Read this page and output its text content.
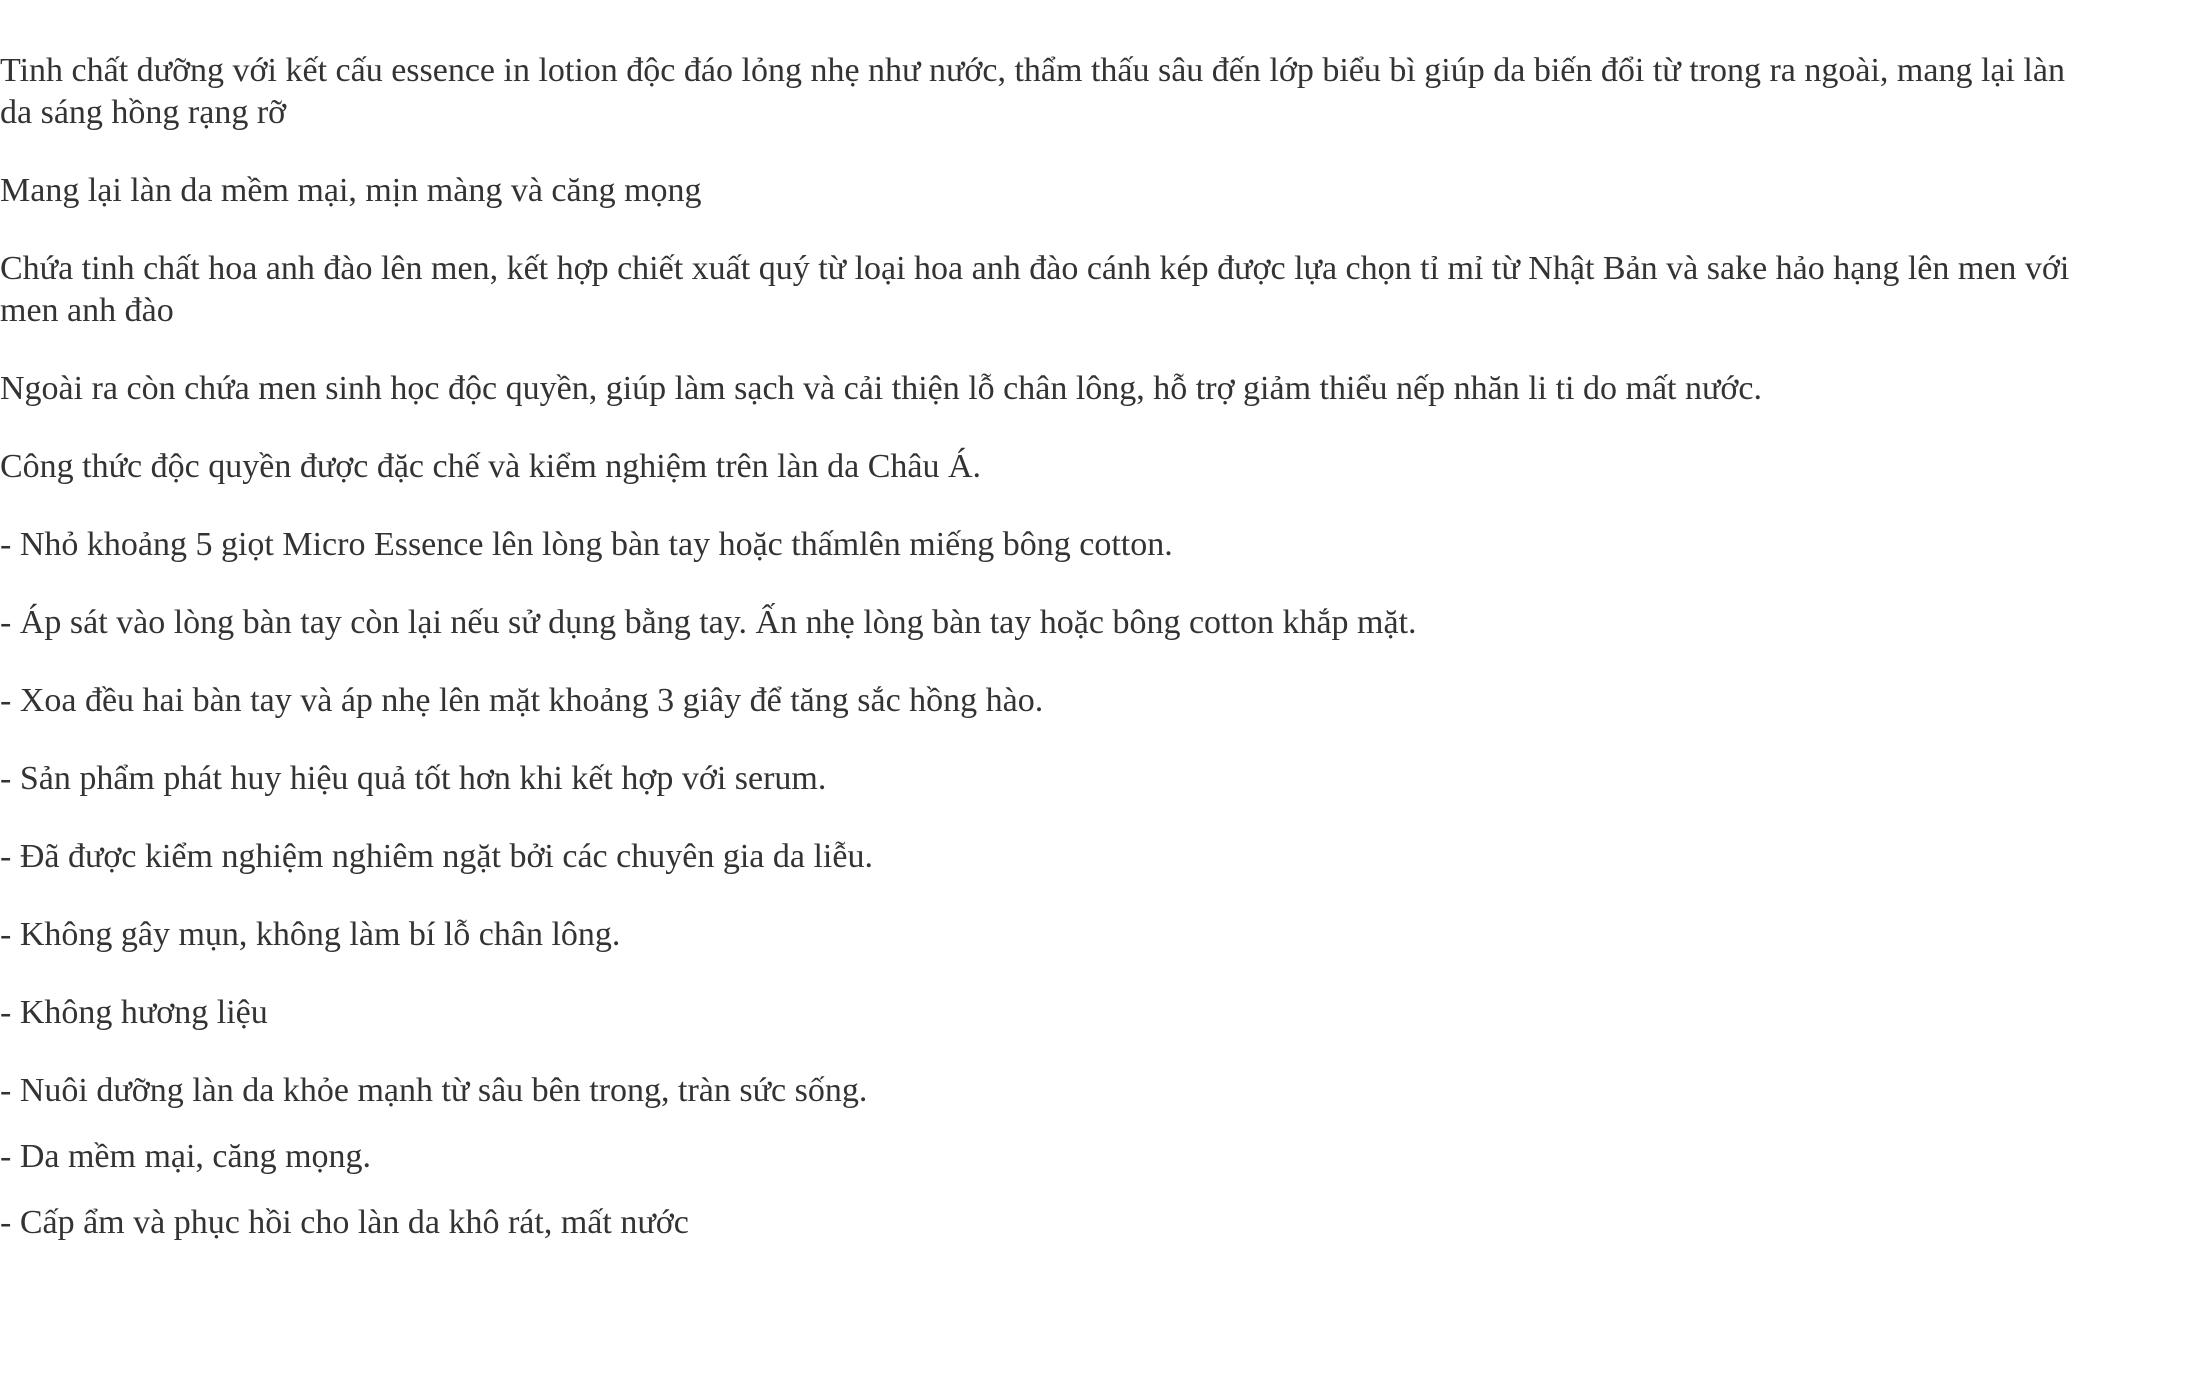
Tinh chất dưỡng với kết cấu essence in lotion độc đáo lỏng nhẹ như nước, thẩm thấu sâu đến lớp biểu bì giúp da biến đổi từ trong ra ngoài, mang lại làn da sáng hồng rạng rỡ

Mang lại làn da mềm mại, mịn màng và căng mọng

Chứa tinh chất hoa anh đào lên men, kết hợp chiết xuất quý từ loại hoa anh đào cánh kép được lựa chọn tỉ mỉ từ Nhật Bản và sake hảo hạng lên men với men anh đào

Ngoài ra còn chứa men sinh học độc quyền, giúp làm sạch và cải thiện lỗ chân lông, hỗ trợ giảm thiểu nếp nhăn li ti do mất nước.

Công thức độc quyền được đặc chế và kiểm nghiệm trên làn da Châu Á.

- Nhỏ khoảng 5 giọt Micro Essence lên lòng bàn tay hoặc thấmlên miếng bông cotton.

- Áp sát vào lòng bàn tay còn lại nếu sử dụng bằng tay. Ấn nhẹ lòng bàn tay hoặc bông cotton khắp mặt.

- Xoa đều hai bàn tay và áp nhẹ lên mặt khoảng 3 giây để tăng sắc hồng hào.

- Sản phẩm phát huy hiệu quả tốt hơn khi kết hợp với serum.

- Đã được kiểm nghiệm nghiêm ngặt bởi các chuyên gia da liễu.

- Không gây mụn, không làm bí lỗ chân lông.

- Không hương liệu

- Nuôi dưỡng làn da khỏe mạnh từ sâu bên trong, tràn sức sống.

- Da mềm mại, căng mọng.

- Cấp ẩm và phục hồi cho làn da khô rát, mất nước
